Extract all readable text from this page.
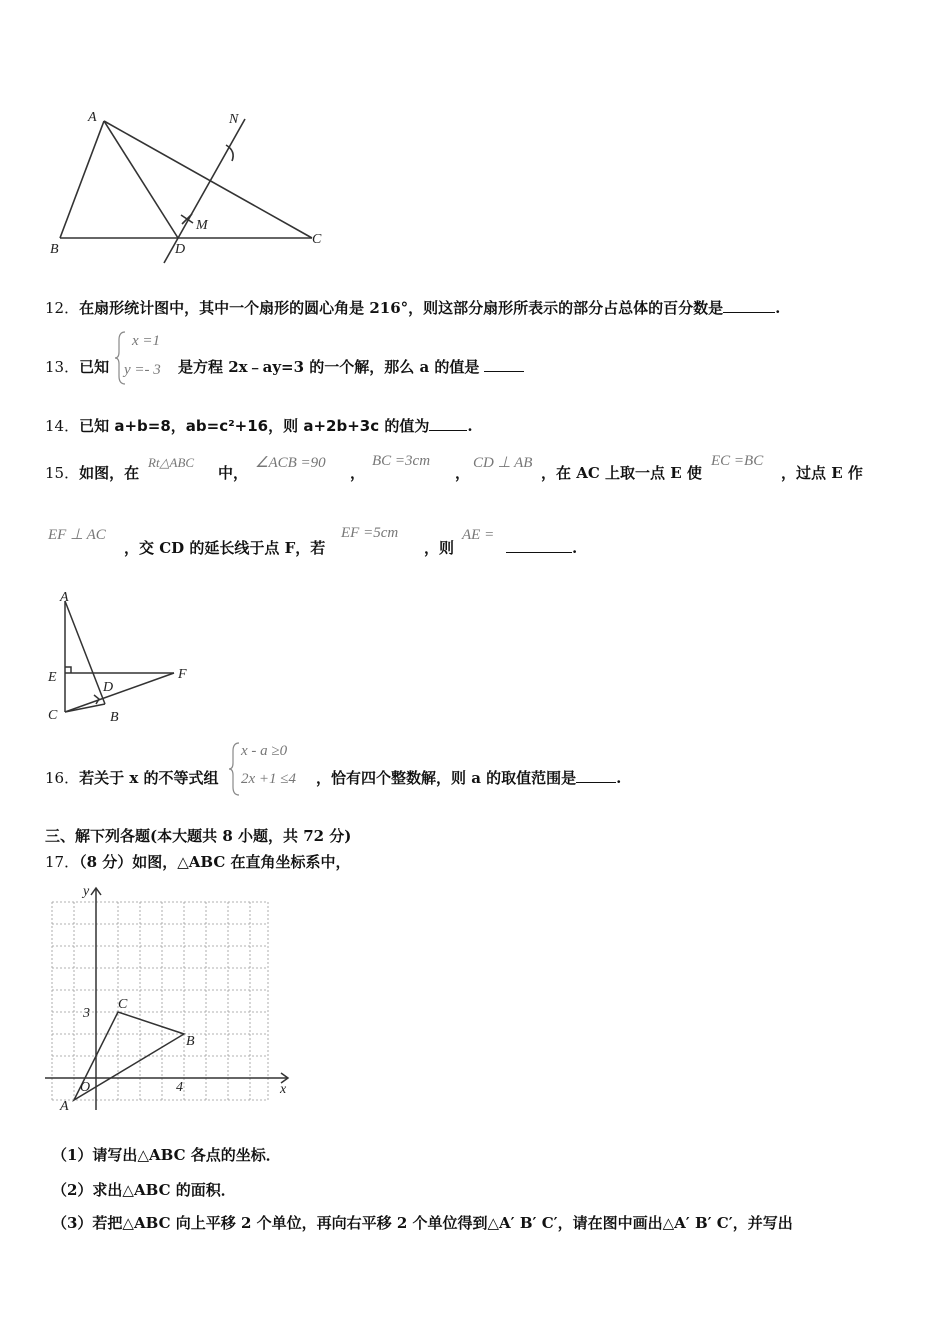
A	N
M
B	D
C
12．在扇形统计图中，其中一个扇形的圆心角是 216°，则这部分扇形所表示的部分占总体的百分数是	.
13．已知
x =1
y =- 3 是方程 2x﹣ay=3 的一个解，那么 a 的值是
14．已知 a+b=8，ab=c²+16，则 a+2b+3c 的值为	.
15．如图，在
Rt△ABC
中，
∠ACB =90
，
BC =3cm
，
CD ⊥ AB
，在 AC 上取一点 E 使
EC =BC
，过点 E 作
EF ⊥ AC
，交 CD 的延长线于点 F，若
EF =5cm
，则
AE =
.
A
E
D
F
C	B
16．若关于 x 的不等式组
x - a ≥0
2x +1 ≤4 ，恰有四个整数解，则 a 的取值范围是	.
三、解下列各题(本大题共 8 小题，共 72 分)
17．（8 分）如图，△ABC 在直角坐标系中，
y
x
O
3
4
A
B
C
（1）请写出△ABC 各点的坐标．
（2）求出△ABC 的面积．
（3）若把△ABC 向上平移 2 个单位，再向右平移 2 个单位得到△A′ B′ C′，请在图中画出△A′ B′ C′，并写出
